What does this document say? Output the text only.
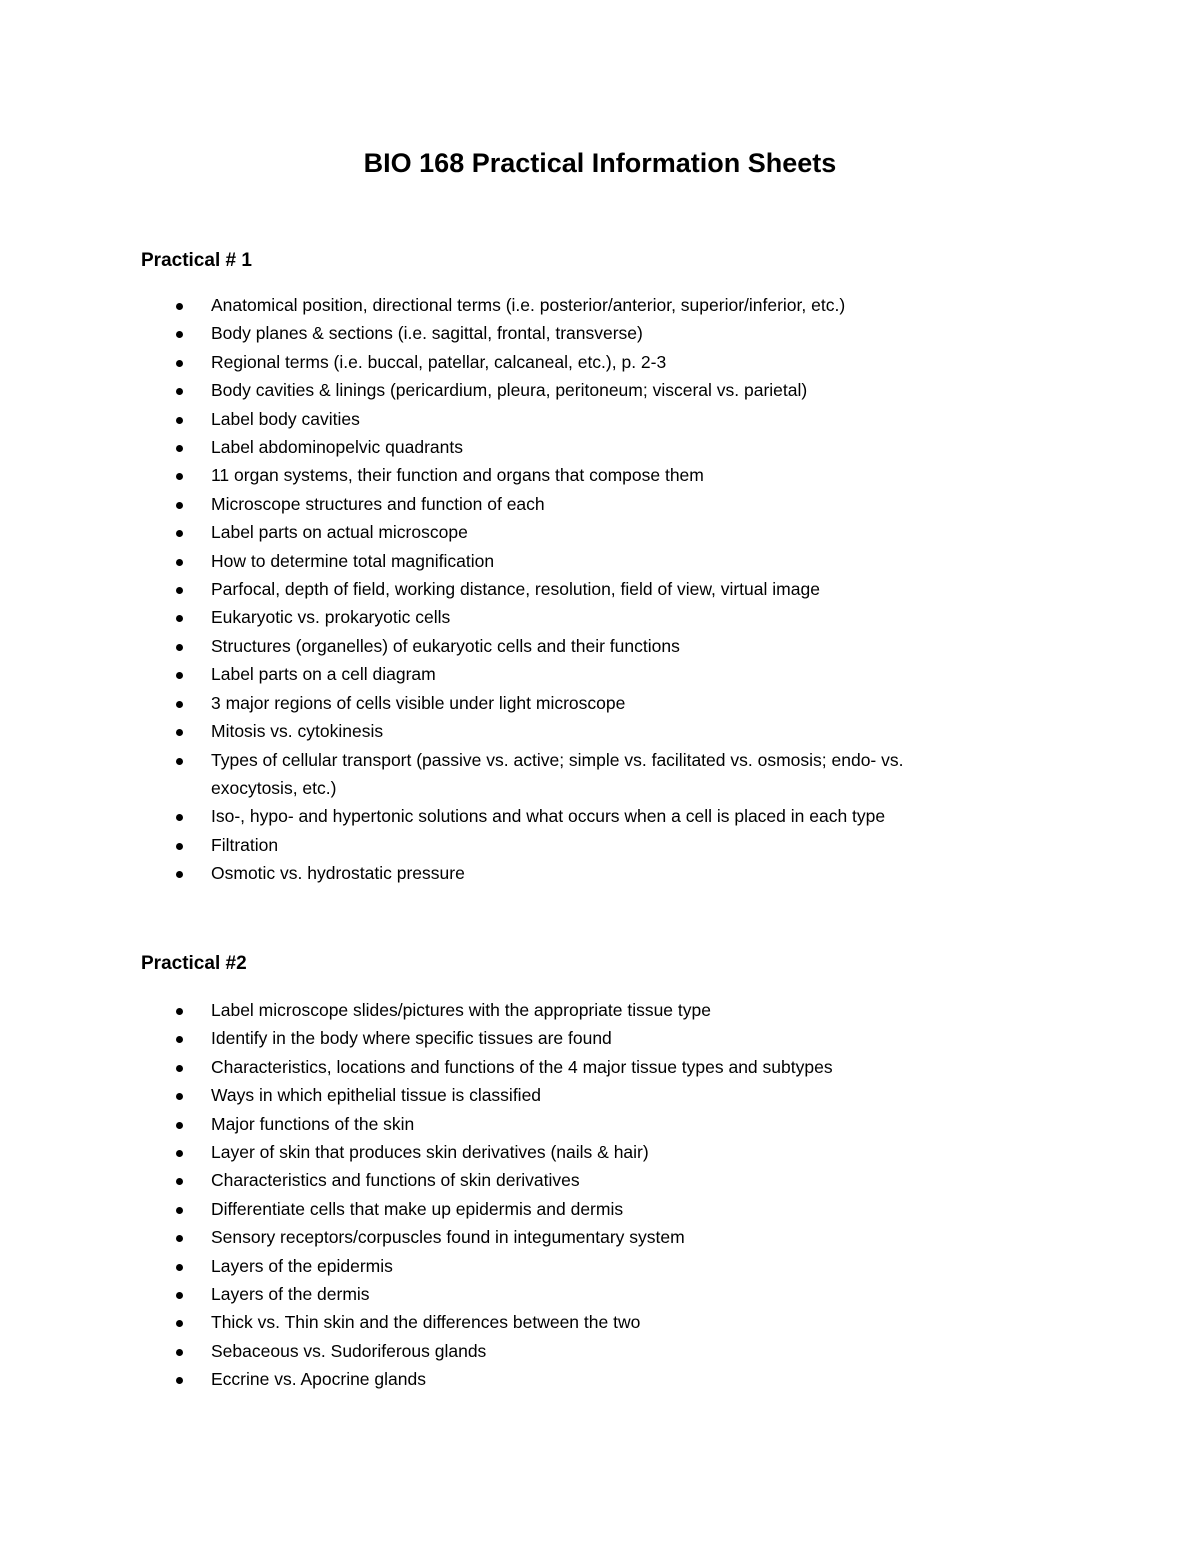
BIO 168 Practical Information Sheets
Practical # 1
Anatomical position, directional terms (i.e. posterior/anterior, superior/inferior, etc.)
Body planes & sections (i.e. sagittal, frontal, transverse)
Regional terms (i.e. buccal, patellar, calcaneal, etc.), p. 2-3
Body cavities & linings (pericardium, pleura, peritoneum; visceral vs. parietal)
Label body cavities
Label abdominopelvic quadrants
11 organ systems, their function and organs that compose them
Microscope structures and function of each
Label parts on actual microscope
How to determine total magnification
Parfocal, depth of field, working distance, resolution, field of view, virtual image
Eukaryotic vs. prokaryotic cells
Structures (organelles) of eukaryotic cells and their functions
Label parts on a cell diagram
3 major regions of cells visible under light microscope
Mitosis vs. cytokinesis
Types of cellular transport (passive vs. active; simple vs. facilitated vs. osmosis; endo- vs.
exocytosis, etc.)
Iso-, hypo- and hypertonic solutions and what occurs when a cell is placed in each type
Filtration
Osmotic vs. hydrostatic pressure
Practical #2
Label microscope slides/pictures with the appropriate tissue type
Identify in the body where specific tissues are found
Characteristics, locations and functions of the 4 major tissue types and subtypes
Ways in which epithelial tissue is classified
Major functions of the skin
Layer of skin that produces skin derivatives (nails & hair)
Characteristics and functions of skin derivatives
Differentiate cells that make up epidermis and dermis
Sensory receptors/corpuscles found in integumentary system
Layers of the epidermis
Layers of the dermis
Thick vs. Thin skin and the differences between the two
Sebaceous vs. Sudoriferous glands
Eccrine vs. Apocrine glands
